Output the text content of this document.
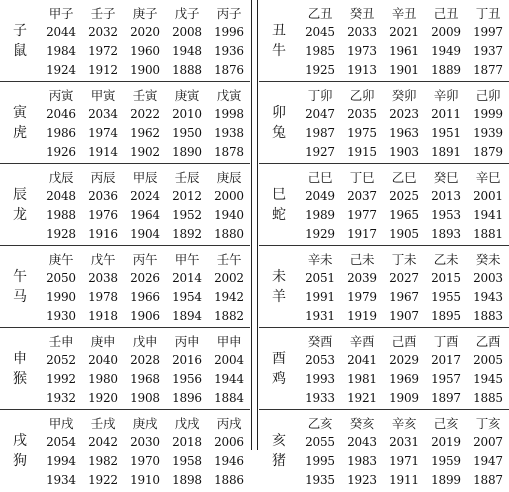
子鼠
甲子
2044
1984
1924
壬子
2032
1972
1912
庚子
2020
1960
1900
戊子
2008
1948
1888
丙子
1996
1936
1876
寅虎
丙寅
2046
1986
1926
甲寅
2034
1974
1914
壬寅
2022
1962
1902
庚寅
2010
1950
1890
戊寅
1998
1938
1878
辰龙
戊辰
2048
1988
1928
丙辰
2036
1976
1916
甲辰
2024
1964
1904
壬辰
2012
1952
1892
庚辰
2000
1940
1880
午马
庚午
2050
1990
1930
戊午
2038
1978
1918
丙午
2026
1966
1906
甲午
2014
1954
1894
壬午
2002
1942
1882
申猴
壬申
2052
1992
1932
庚申
2040
1980
1920
戊申
2028
1968
1908
丙申
2016
1956
1896
甲申
2004
1944
1884
戌狗
甲戌
2054
1994
1934
壬戌
2042
1982
1922
庚戌
2030
1970
1910
戊戌
2018
1958
1898
丙戌
2006
1946
1886
丑牛
乙丑
2045
1985
1925
癸丑
2033
1973
1913
辛丑
2021
1961
1901
己丑
2009
1949
1889
丁丑
1997
1937
1877
卯兔
丁卯
2047
1987
1927
乙卯
2035
1975
1915
癸卯
2023
1963
1903
辛卯
2011
1951
1891
己卯
1999
1939
1879
巳蛇
己巳
2049
1989
1929
丁巳
2037
1977
1917
乙巳
2025
1965
1905
癸巳
2013
1953
1893
辛巳
2001
1941
1881
未羊
辛未
2051
1991
1931
己未
2039
1979
1919
丁未
2027
1967
1907
乙未
2015
1955
1895
癸未
2003
1943
1883
酉鸡
癸酉
2053
1993
1933
辛酉
2041
1981
1921
己酉
2029
1969
1909
丁酉
2017
1957
1897
乙酉
2005
1945
1885
亥猪
乙亥
2055
1995
1935
癸亥
2043
1983
1923
辛亥
2031
1971
1911
己亥
2019
1959
1899
丁亥
2007
1947
1887
